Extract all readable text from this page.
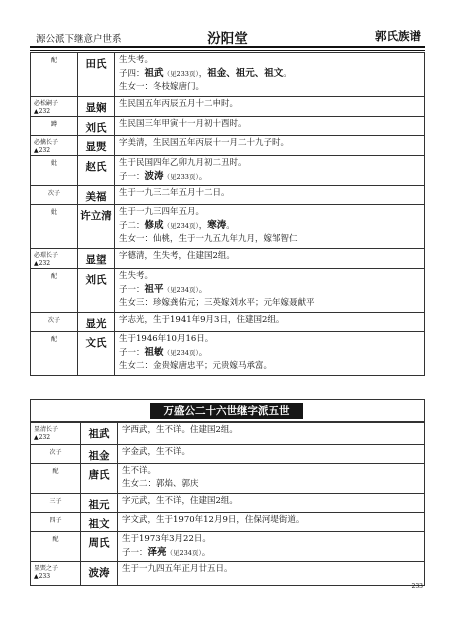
源公派下继意户世系	汾阳堂	郭氏族谱
配	田氏	生失考。
子四：祖武（见233页），祖金、祖元、祖文。
生女一：冬枝嫁唐门。

必松嗣子
▲232	显娴	生民国五年丙辰五月十二申时。

蹲	刘氏	生民国三年甲寅十一月初十酉时。

必擒长子
▲232	显煚	字美清，生民国五年丙辰十一月二十九子时。

妣	赵氏	生于民国四年乙卯九月初二丑时。
子一：波涛（见233页）。

次子	美福	生于一九三二年五月十二日。

妣	许立清	生于一九三四年五月。
子二：修成（见234页），寒涛。
生女一：仙桃，生于一九五九年九月，嫁邹智仁

必璟长子
▲232	显望	字德清，生失考，住建国2组。

配	刘氏	生失考。
子一：祖平（见234页）。
生女三：珍嫁龚佑元；三英嫁刘水平；元年嫁聂献平

次子	显光	字志光，生于1941年9月3日，住建国2组。

配	文氏	生于1946年10月16日。
子一：祖敏（见234页）。
生女二：金贵嫁唐忠平；元贵嫁马承富。
万盛公二十六世继字派五世
显清长子
▲232	祖武	字西武，生不详。住建国2组。

次子	祖金	字金武，生不详。

配	唐氏	生不详。
生女二：郭焰、郭庆

三子	祖元	字元武，生不详，住建国2组。

四子	祖文	字文武，生于1970年12月9日，住保河堤街道。

配	周氏	生于1973年3月22日。
子一：泽亮（见234页）。

显煚之子
▲233	波涛	生于一九四五年正月廿五日。
233
